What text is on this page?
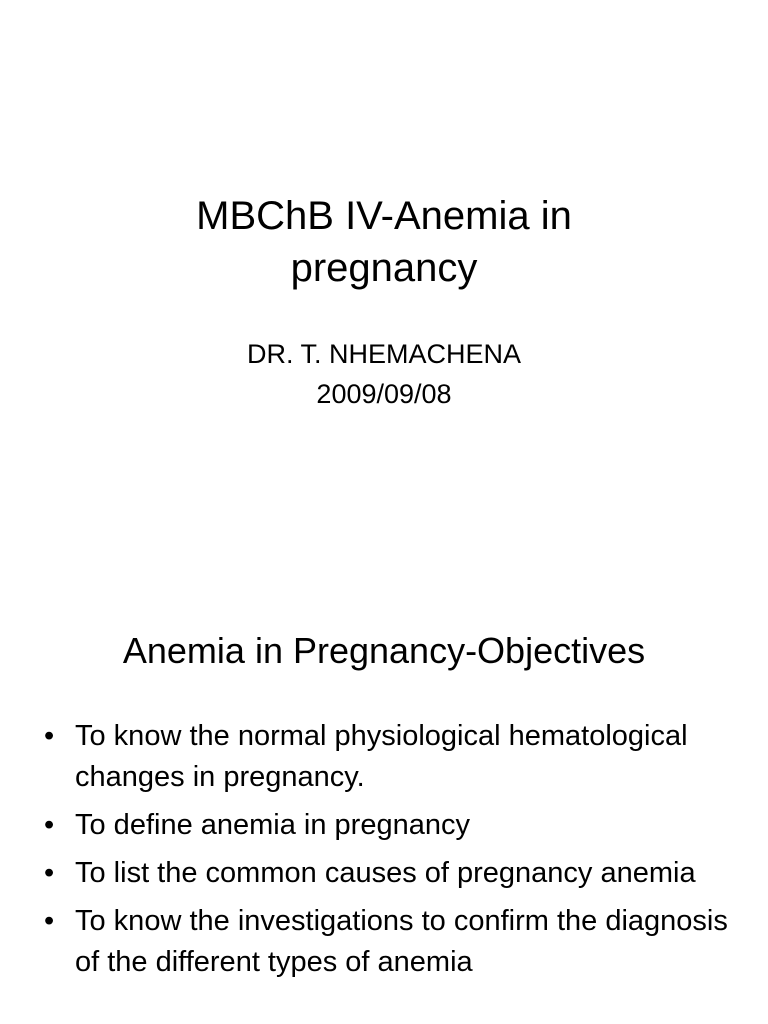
MBChB IV-Anemia in
pregnancy
DR. T. NHEMACHENA
2009/09/08
Anemia in Pregnancy-Objectives
• To know the normal physiological hematological changes in pregnancy.
• To define anemia in pregnancy
• To list the common causes of pregnancy anemia
• To know the investigations to confirm the diagnosis of the different types of anemia
